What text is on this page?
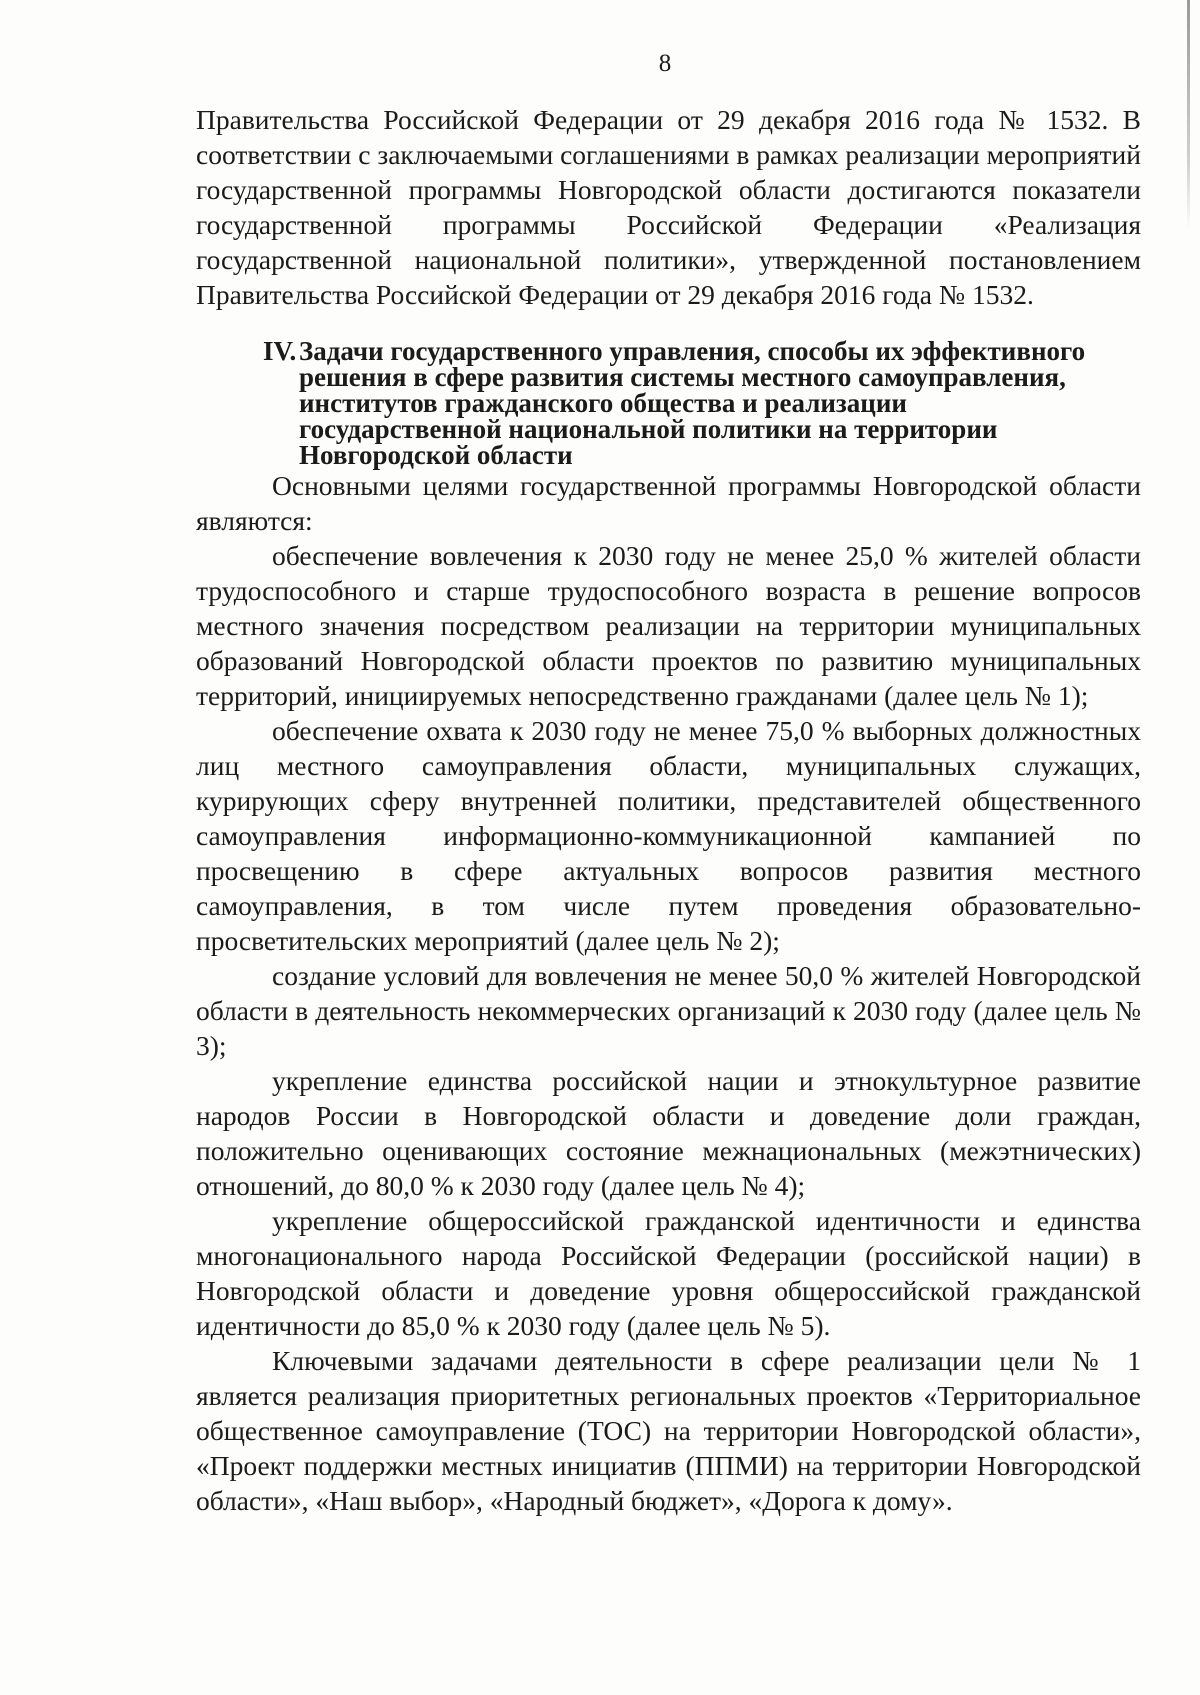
8

Правительства Российской Федерации от 29 декабря 2016 года № 1532. В соответствии с заключаемыми соглашениями в рамках реализации мероприятий государственной программы Новгородской области достигаются показатели государственной программы Российской Федерации «Реализация государственной национальной политики», утвержденной постановлением Правительства Российской Федерации от 29 декабря 2016 года № 1532.

IV. Задачи государственного управления, способы их эффективного решения в сфере развития системы местного самоуправления, институтов гражданского общества и реализации государственной национальной политики на территории Новгородской области

Основными целями государственной программы Новгородской области являются:

обеспечение вовлечения к 2030 году не менее 25,0 % жителей области трудоспособного и старше трудоспособного возраста в решение вопросов местного значения посредством реализации на территории муниципальных образований Новгородской области проектов по развитию муниципальных территорий, инициируемых непосредственно гражданами (далее цель № 1);

обеспечение охвата к 2030 году не менее 75,0 % выборных должностных лиц местного самоуправления области, муниципальных служащих, курирующих сферу внутренней политики, представителей общественного самоуправления информационно-коммуникационной кампанией по просвещению в сфере актуальных вопросов развития местного самоуправления, в том числе путем проведения образовательно-просветительских мероприятий (далее цель № 2);

создание условий для вовлечения не менее 50,0 % жителей Новгородской области в деятельность некоммерческих организаций к 2030 году (далее цель № 3);

укрепление единства российской нации и этнокультурное развитие народов России в Новгородской области и доведение доли граждан, положительно оценивающих состояние межнациональных (межэтнических) отношений, до 80,0 % к 2030 году (далее цель № 4);

укрепление общероссийской гражданской идентичности и единства многонационального народа Российской Федерации (российской нации) в Новгородской области и доведение уровня общероссийской гражданской идентичности до 85,0 % к 2030 году (далее цель № 5).

Ключевыми задачами деятельности в сфере реализации цели № 1 является реализация приоритетных региональных проектов «Территориальное общественное самоуправление (ТОС) на территории Новгородской области», «Проект поддержки местных инициатив (ППМИ) на территории Новгородской области», «Наш выбор», «Народный бюджет», «Дорога к дому».
